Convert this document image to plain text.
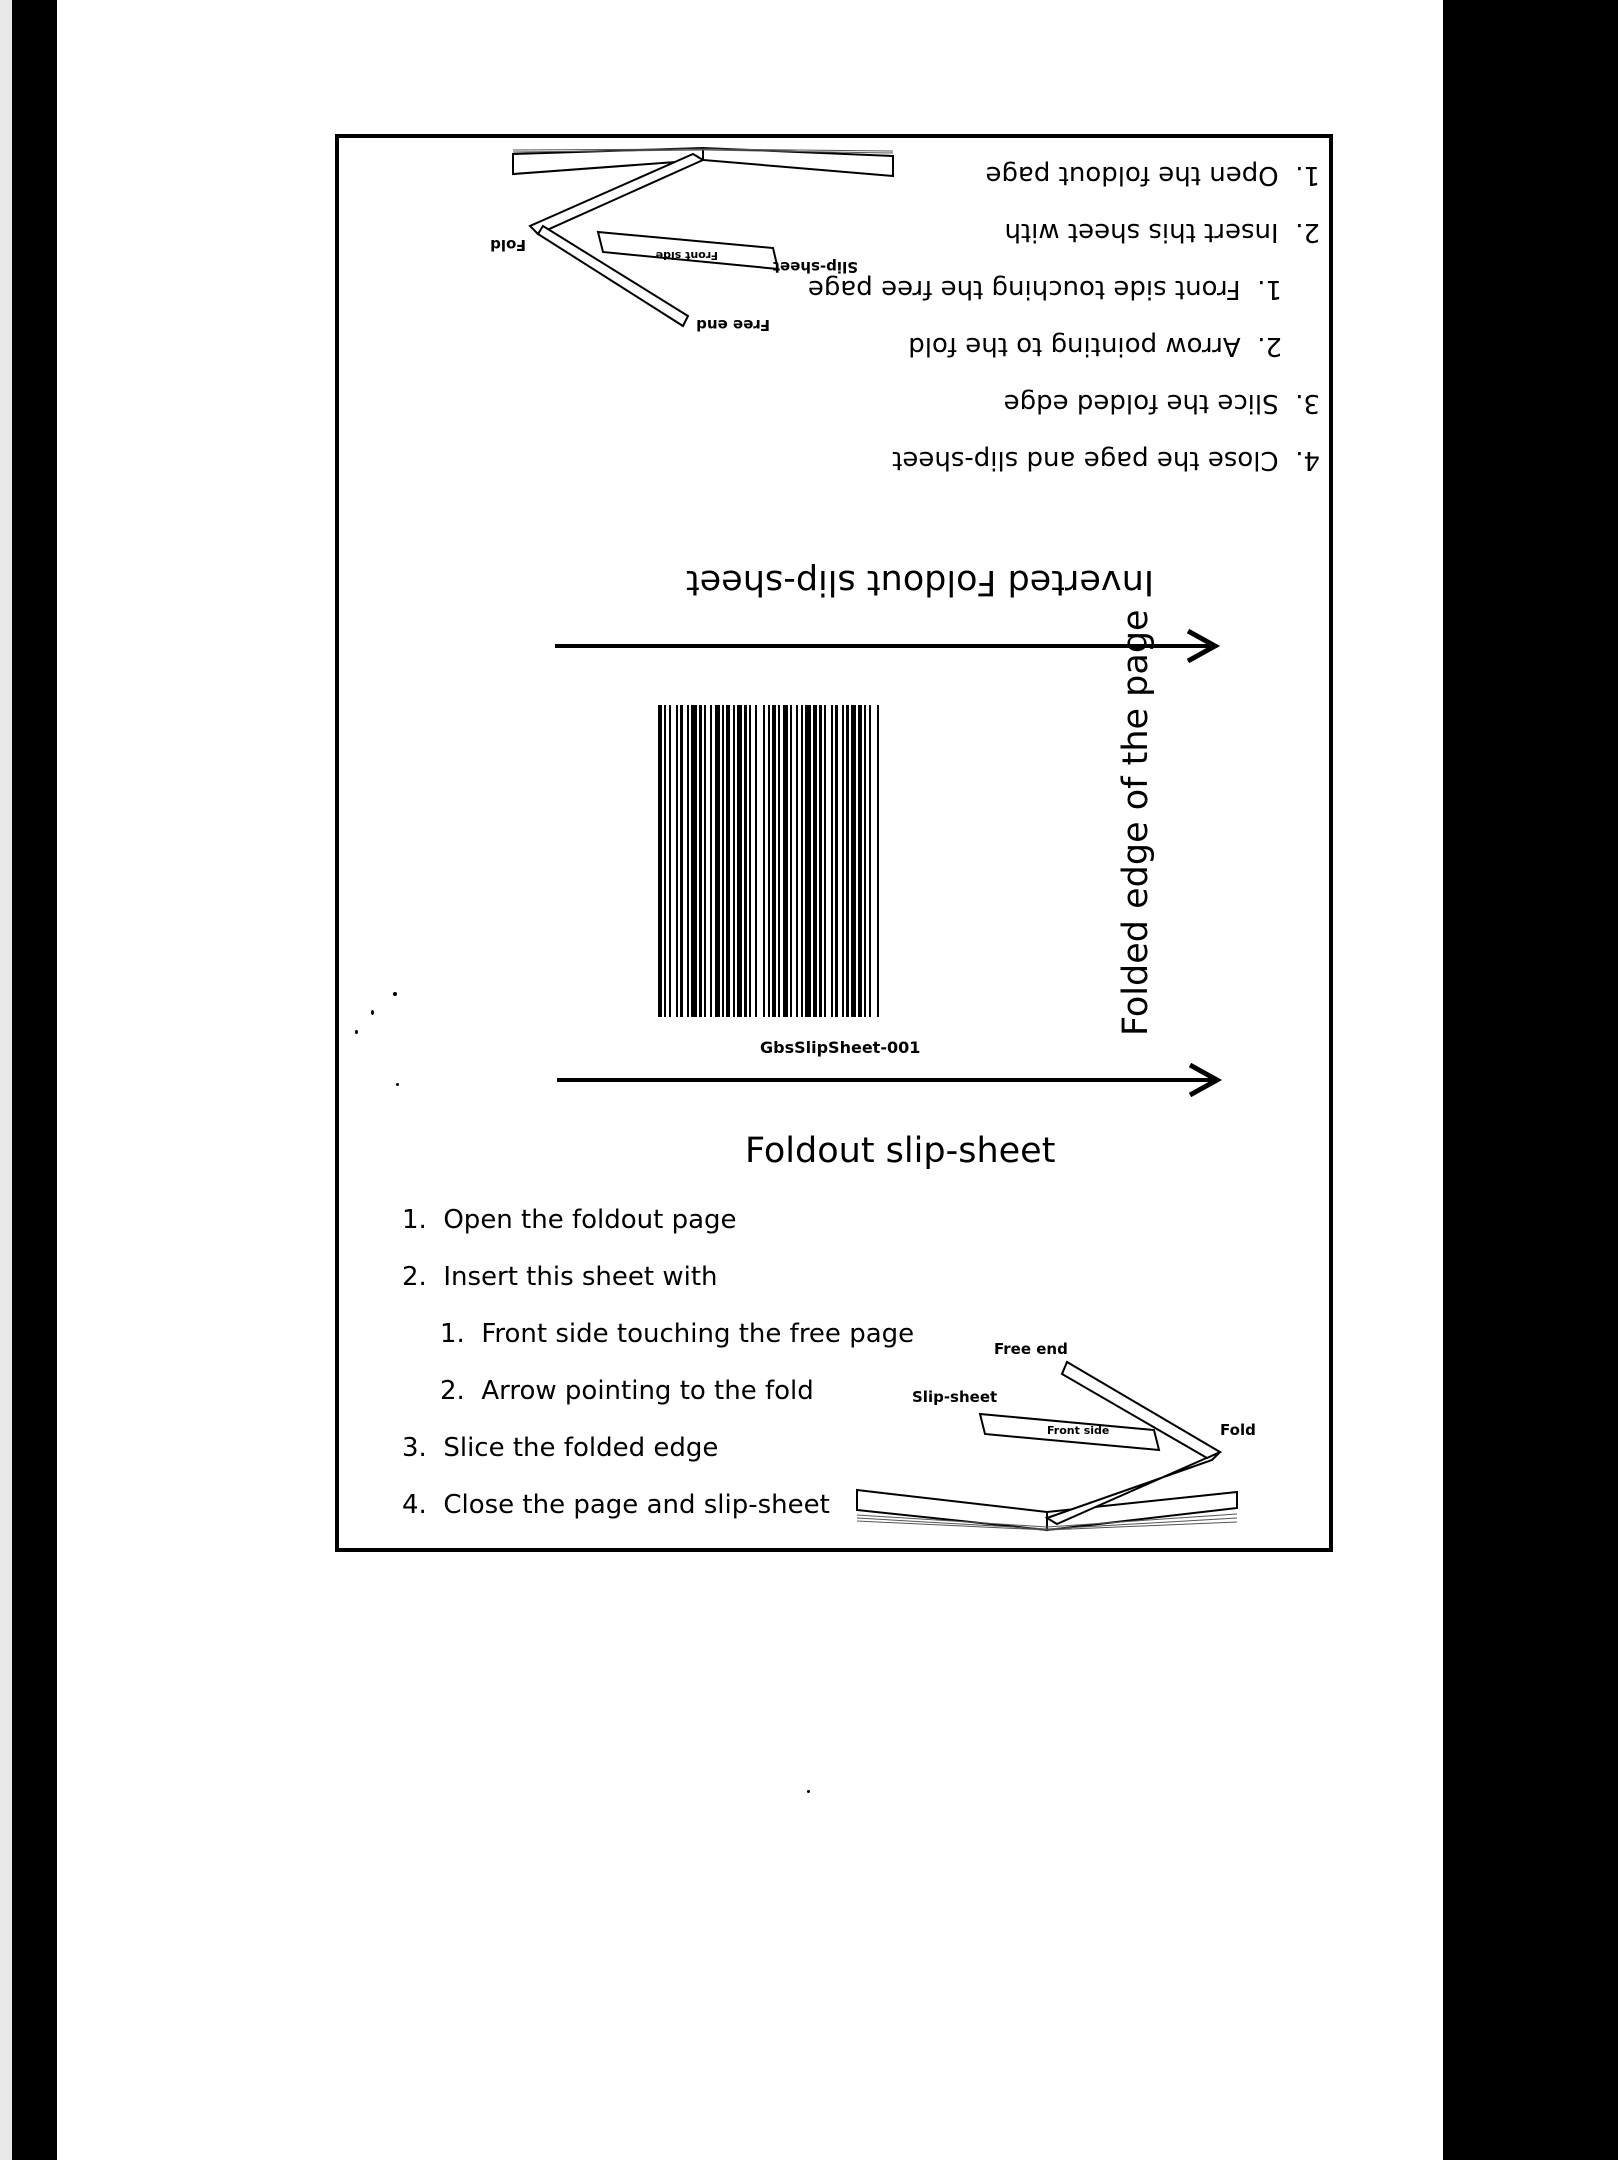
1.  Open the foldout page
2.  Insert this sheet with
1.  Front side touching the free page
2.  Arrow pointing to the fold
3.  Slice the folded edge
4.  Close the page and slip-sheet
Free end
Slip-sheet
Fold
Front side
Inverted Foldout slip-sheet
GbsSlipSheet-001
Folded edge of the page
Foldout slip-sheet
1. Open the foldout page
2. Insert this sheet with
1. Front side touching the free page
2. Arrow pointing to the fold
3. Slice the folded edge
4. Close the page and slip-sheet
Free end
Slip-sheet
Fold
Front side
